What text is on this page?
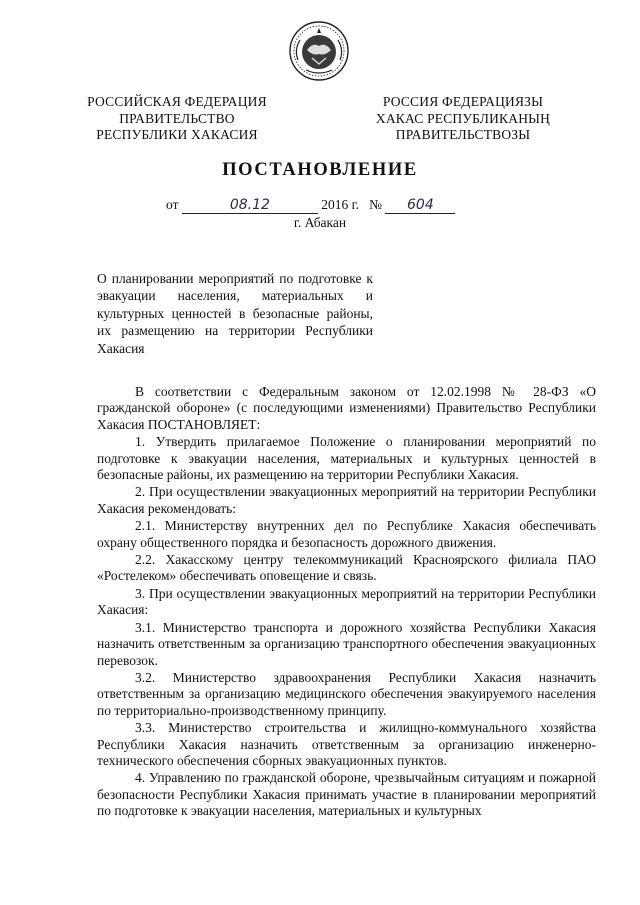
РОССИЙСКАЯ ФЕДЕРАЦИЯ
ПРАВИТЕЛЬСТВО
РЕСПУБЛИКИ ХАКАСИЯ
РОССИЯ ФЕДЕРАЦИЯЗЫ
ХАКАС РЕСПУБЛИКАНЫҢ
ПРАВИТЕЛЬСТВОЗЫ
ПОСТАНОВЛЕНИЕ
от	08.12	2016 г. № 604
г. Абакан
О планировании мероприятий по подготовке к эвакуации населения, материальных и культурных ценностей в безопасные районы, их размещению на территории Республики Хакасия

В соответствии с Федеральным законом от 12.02.1998 № 28-ФЗ «О гражданской обороне» (с последующими изменениями) Правительство Республики Хакасия ПОСТАНОВЛЯЕТ:

1. Утвердить прилагаемое Положение о планировании мероприятий по подготовке к эвакуации населения, материальных и культурных ценностей в безопасные районы, их размещению на территории Республики Хакасия.

2. При осуществлении эвакуационных мероприятий на территории Республики Хакасия рекомендовать:

2.1. Министерству внутренних дел по Республике Хакасия обеспечивать охрану общественного порядка и безопасность дорожного движения.

2.2. Хакасскому центру телекоммуникаций Красноярского филиала ПАО «Ростелеком» обеспечивать оповещение и связь.

3. При осуществлении эвакуационных мероприятий на территории Республики Хакасия:

3.1. Министерство транспорта и дорожного хозяйства Республики Хакасия назначить ответственным за организацию транспортного обеспечения эвакуационных перевозок.

3.2. Министерство здравоохранения Республики Хакасия назначить ответственным за организацию медицинского обеспечения эвакуируемого населения по территориально-производственному принципу.

3.3. Министерство строительства и жилищно-коммунального хозяйства Республики Хакасия назначить ответственным за организацию инженерно-технического обеспечения сборных эвакуационных пунктов.

4. Управлению по гражданской обороне, чрезвычайным ситуациям и пожарной безопасности Республики Хакасия принимать участие в планировании мероприятий по подготовке к эвакуации населения, материальных и культурных
